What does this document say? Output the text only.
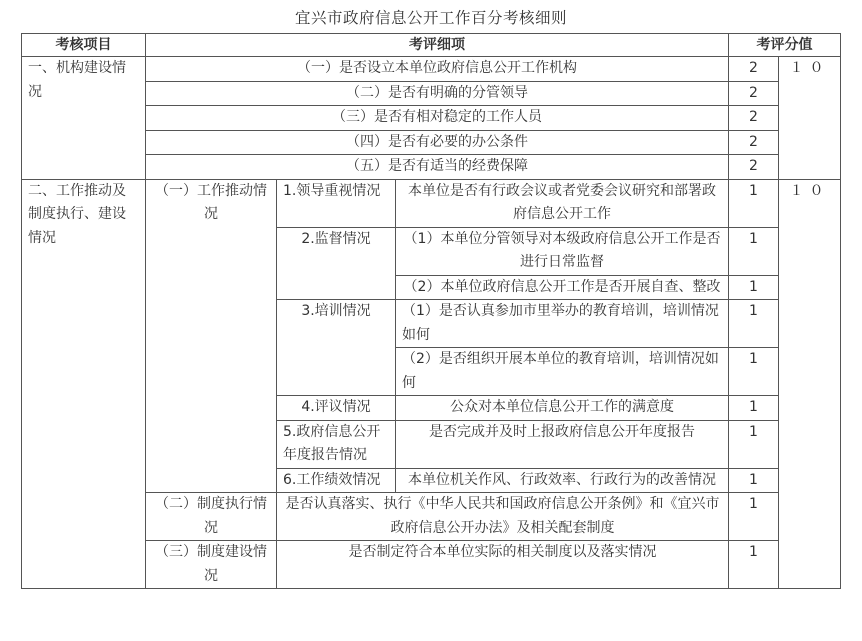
宜兴市政府信息公开工作百分考核细则
考核项目	考评细项			考评分值	
一、机构建设情况	（一）是否设立本单位政府信息公开工作机构			2	１０
	（二）是否有明确的分管领导			2	
	（三）是否有相对稳定的工作人员			2	
	（四）是否有必要的办公条件			2	
	（五）是否有适当的经费保障			2	
二、工作推动及制度执行、建设情况	（一）工作推动情况	1.领导重视情况	本单位是否有行政会议或者党委会议研究和部署政府信息公开工作	1	１０
		2.监督情况	（1）本单位分管领导对本级政府信息公开工作是否进行日常监督	1	
			（2）本单位政府信息公开工作是否开展自查、整改	1	
		3.培训情况	（1）是否认真参加市里举办的教育培训，培训情况如何	1	
			（2）是否组织开展本单位的教育培训，培训情况如何	1	
		4.评议情况	公众对本单位信息公开工作的满意度	1	
		5.政府信息公开年度报告情况	是否完成并及时上报政府信息公开年度报告	1	
		6.工作绩效情况	本单位机关作风、行政效率、行政行为的改善情况	1	
	（二）制度执行情况	是否认真落实、执行《中华人民共和国政府信息公开条例》和《宜兴市政府信息公开办法》及相关配套制度		1	
	（三）制度建设情况	是否制定符合本单位实际的相关制度以及落实情况		1	
